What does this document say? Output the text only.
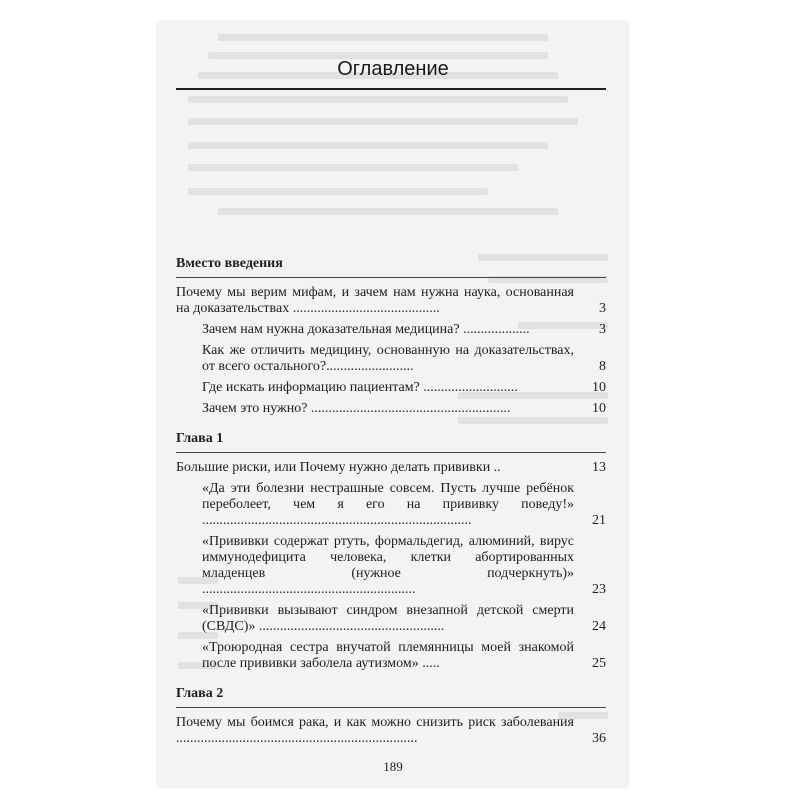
Оглавление
Вместо введения
Почему мы верим мифам, и зачем нам нужна наука, основанная на доказательствах ..........................................	3
Зачем нам нужна доказательная медицина? ...................	3
Как же отличить медицину, основанную на доказательствах, от всего остального?.........................	8
Где искать информацию пациентам? ...........................	10
Зачем это нужно? .........................................................	10
Глава 1
Большие риски, или Почему нужно делать прививки ..	13
«Да эти болезни нестрашные совсем. Пусть лучше ребёнок переболеет, чем я его на прививку поведу!» .............................................................................	21
«Прививки содержат ртуть, формальдегид, алюминий, вирус иммунодефицита человека, клетки абортированных младенцев (нужное подчеркнуть)» .............................................................	23
«Прививки вызывают синдром внезапной детской смерти (СВДС)» .....................................................	24
«Троюродная сестра внучатой племянницы моей знакомой после прививки заболела аутизмом» .....	25
Глава 2
Почему мы боимся рака, и как можно снизить риск заболевания .....................................................................	36
189
